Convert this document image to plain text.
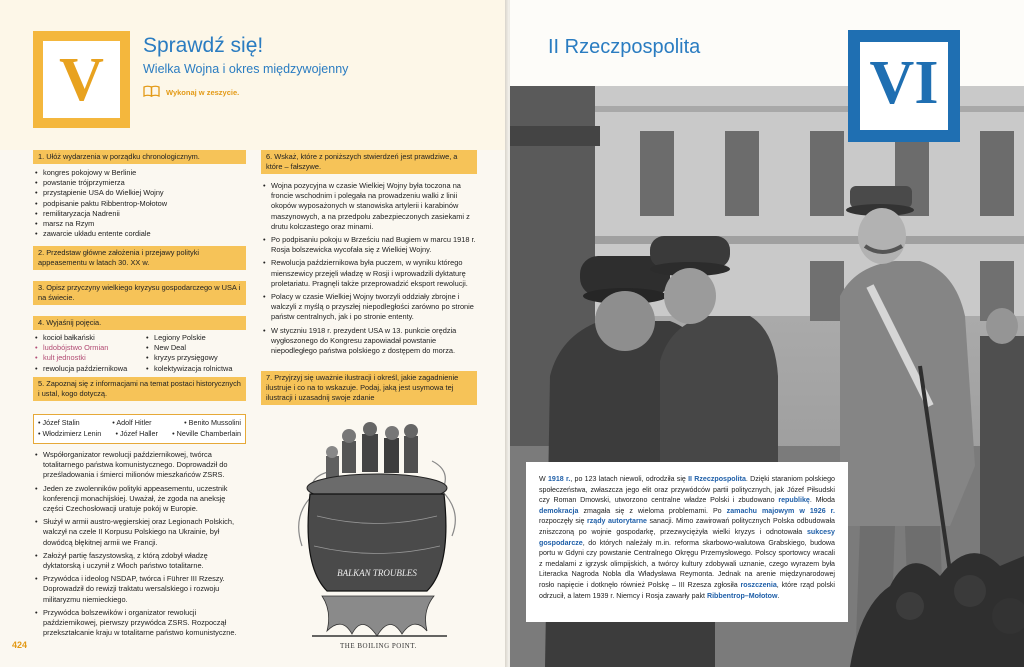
V
Sprawdź się!
Wielka Wojna i okres międzywojenny
Wykonaj w zeszycie.
1. Ułóż wydarzenia w porządku chronologicznym.
• kongres pokojowy w Berlinie
• powstanie trójprzymierza
• przystąpienie USA do Wielkiej Wojny
• podpisanie paktu Ribbentrop-Mołotow
• remilitaryzacja Nadrenii
• marsz na Rzym
• zawarcie układu entente cordiale
2. Przedstaw główne założenia i przejawy polityki appeasementu w latach 30. XX w.
3. Opisz przyczyny wielkiego kryzysu gospodarczego w USA i na świecie.
4. Wyjaśnij pojęcia.
• kocioł bałkański
• ludobójstwo Ormian
• kult jednostki
• rewolucja październikowa
• Legiony Polskie
• New Deal
• kryzys przysięgowy
• kolektywizacja rolnictwa
5. Zapoznaj się z informacjami na temat postaci historycznych i ustal, kogo dotyczą.
• Józef Stalin	• Adolf Hitler	• Benito Mussolini
• Włodzimierz Lenin • Józef Haller • Neville Chamberlain
• Współorganizator rewolucji październikowej, twórca totalitarnego państwa komunistycznego. Doprowadził do prześladowania i śmierci milionów mieszkańców ZSRS.
• Jeden ze zwolenników polityki appeasementu, uczestnik konferencji monachijskiej. Uważał, że zgoda na aneksję części Czechosłowacji uratuje pokój w Europie.
• Służył w armii austro-węgierskiej oraz Legionach Polskich, walczył na czele II Korpusu Polskiego na Ukrainie, był dowódcą błękitnej armii we Francji.
• Założył partię faszystowską, z którą zdobył władzę dyktatorską i uczynił z Włoch państwo totalitarne.
• Przywódca i ideolog NSDAP, twórca i Führer III Rzeszy. Doprowadził do rewizji traktatu wersalskiego i rozwoju militaryzmu niemieckiego.
• Przywódca bolszewików i organizator rewolucji październikowej, pierwszy przywódca ZSRS. Rozpoczął przekształcanie kraju w totalitarne państwo komunistyczne.
6. Wskaż, które z poniższych stwierdzeń jest prawdziwe, a które – fałszywe.
• Wojna pozycyjna w czasie Wielkiej Wojny była toczona na froncie wschodnim i polegała na prowadzeniu walki z linii okopów wyposażonych w stanowiska artylerii i karabinów maszynowych, a na przedpolu zabezpieczonych zasiekami z drutu kolczastego oraz minami.
• Po podpisaniu pokoju w Brześciu nad Bugiem w marcu 1918 r. Rosja bolszewicka wycofała się z Wielkiej Wojny.
• Rewolucja październikowa była puczem, w wyniku którego mienszewicy przejęli władzę w Rosji i wprowadzili dyktaturę proletariatu. Pragnęli także przeprowadzić eksport rewolucji.
• Polacy w czasie Wielkiej Wojny tworzyli oddziały zbrojne i walczyli z myślą o przyszłej niepodległości zarówno po stronie państw centralnych, jak i po stronie ententy.
• W styczniu 1918 r. prezydent USA w 13. punkcie orędzia wygłoszonego do Kongresu zapowiadał powstanie niepodległego państwa polskiego z dostępem do morza.
7. Przyjrzyj się uważnie ilustracji i określ, jakie zagadnienie ilustruje i co na to wskazuje. Podaj, jaką jest usymowa tej ilustracji i uzasadnij swoje zdanie
BALKAN TROUBLES
THE BOILING POINT.
424
II Rzeczpospolita
VI
W 1918 r., po 123 latach niewoli, odrodziła się II Rzeczpospolita. Dzięki staraniom polskiego społeczeństwa, zwłaszcza jego elit oraz przywódców partii politycznych, jak Józef Piłsudski czy Roman Dmowski, utworzono centralne władze Polski i zbudowano republikę. Młoda demokracja zmagała się z wieloma problemami. Po zamachu majowym w 1926 r. rozpoczęły się rządy autorytarne sanacji. Mimo zawirowań politycznych Polska odbudowała zniszczoną po wojnie gospodarkę, przezwyciężyła wielki kryzys i odnotowała sukcesy gospodarcze, do których należały m.in. reforma skarbowo-walutowa Grabskiego, budowa portu w Gdyni czy powstanie Centralnego Okręgu Przemysłowego. Polscy sportowcy wracali z medalami z igrzysk olimpijskich, a twórcy kultury zdobywali uznanie, czego wyrazem była Literacka Nagroda Nobla dla Władysława Reymonta. Jednak na arenie międzynarodowej rosło napięcie i dotknęło również Polskę – III Rzesza zgłosiła roszczenia, które rząd polski odrzucił, a latem 1939 r. Niemcy i Rosja zawarły pakt Ribbentrop–Mołotow.
